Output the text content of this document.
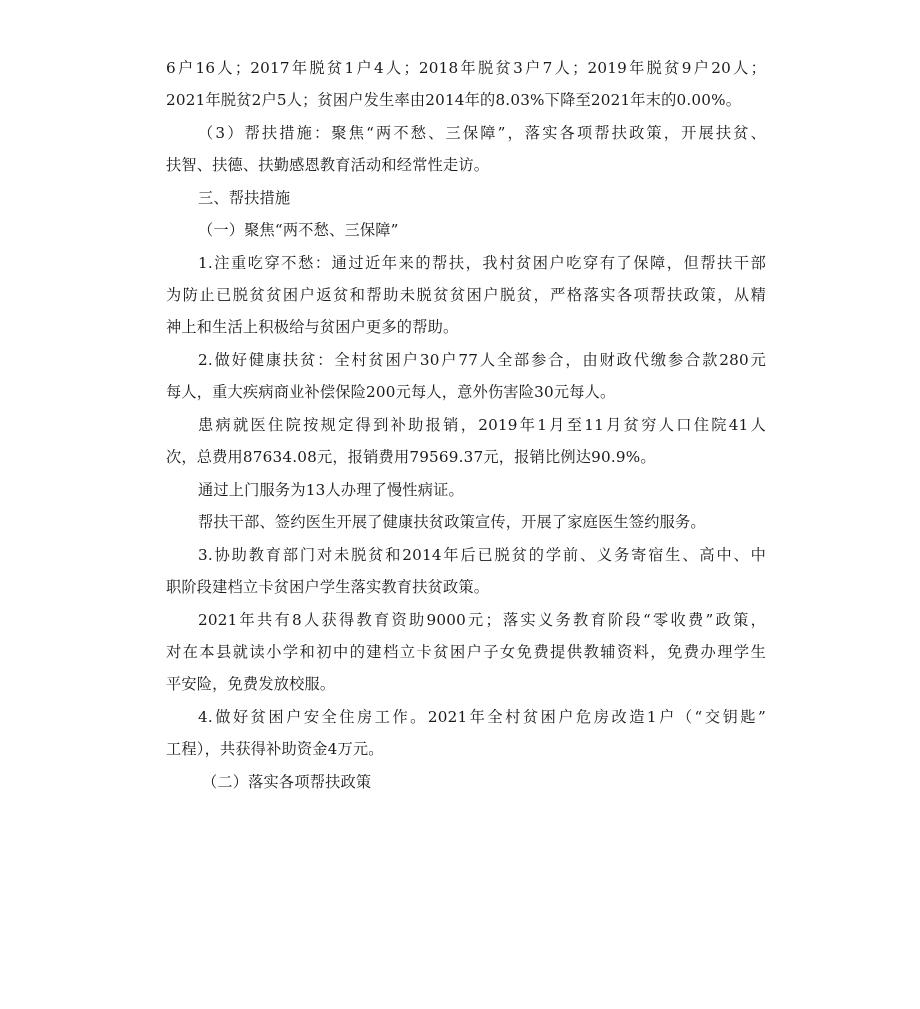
6户16人；2017年脱贫1户4人；2018年脱贫3户7人；2019年脱贫9户20人；
2021年脱贫2户5人；贫困户发生率由2014年的8.03%下降至2021年末的0.00%。
（3）帮扶措施：聚焦“两不愁、三保障”，落实各项帮扶政策，开展扶贫、
扶智、扶德、扶勤感恩教育活动和经常性走访。
三、帮扶措施
（一）聚焦“两不愁、三保障”
1.注重吃穿不愁：通过近年来的帮扶，我村贫困户吃穿有了保障，但帮扶干部
为防止已脱贫贫困户返贫和帮助未脱贫贫困户脱贫，严格落实各项帮扶政策，从精
神上和生活上积极给与贫困户更多的帮助。
2.做好健康扶贫：全村贫困户30户77人全部参合，由财政代缴参合款280元
每人，重大疾病商业补偿保险200元每人，意外伤害险30元每人。
患病就医住院按规定得到补助报销，2019年1月至11月贫穷人口住院41人
次，总费用87634.08元，报销费用79569.37元，报销比例达90.9%。
通过上门服务为13人办理了慢性病证。
帮扶干部、签约医生开展了健康扶贫政策宣传，开展了家庭医生签约服务。
3.协助教育部门对未脱贫和2014年后已脱贫的学前、义务寄宿生、高中、中
职阶段建档立卡贫困户学生落实教育扶贫政策。
2021年共有8人获得教育资助9000元；落实义务教育阶段“零收费”政策，
对在本县就读小学和初中的建档立卡贫困户子女免费提供教辅资料，免费办理学生
平安险，免费发放校服。
4.做好贫困户安全住房工作。2021年全村贫困户危房改造1户（“交钥匙”
工程），共获得补助资金4万元。
（二）落实各项帮扶政策
